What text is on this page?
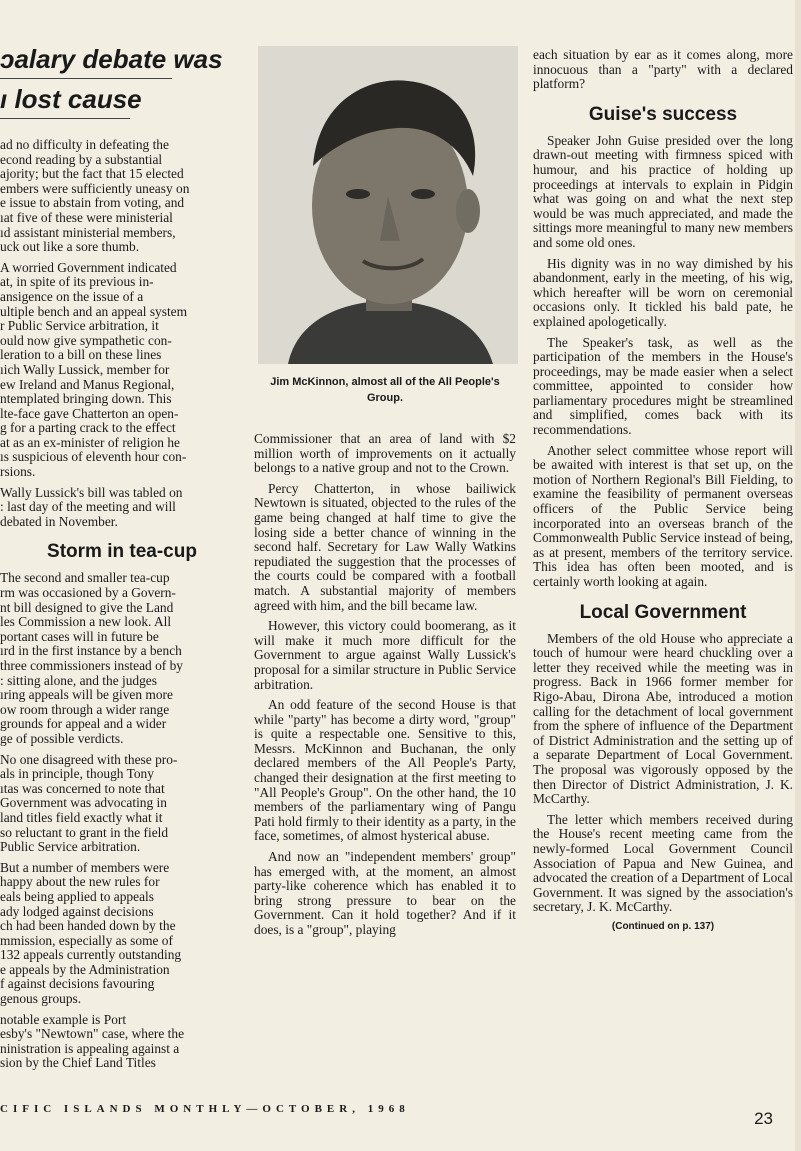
ɔalary debate was
ı lost cause

ad no difficulty in defeating the
econd reading by a substantial
ajority; but the fact that 15 elected
embers were sufficiently uneasy on
e issue to abstain from voting, and
ıat five of these were ministerial
ıd assistant ministerial members,
uck out like a sore thumb.

A worried Government indicated
at, in spite of its previous in-
ansigence on the issue of a
ultiple bench and an appeal system
r Public Service arbitration, it
ould now give sympathetic con-
leration to a bill on these lines
ıich Wally Lussick, member for
ew Ireland and Manus Regional,
ntemplated bringing down. This
lte-face gave Chatterton an open-
g for a parting crack to the effect
at as an ex-minister of religion he
ıs suspicious of eleventh hour con-
rsions.

Wally Lussick's bill was tabled on
: last day of the meeting and will
debated in November.

Storm in tea-cup

The second and smaller tea-cup
rm was occasioned by a Govern-
nt bill designed to give the Land
les Commission a new look. All
portant cases will in future be
ırd in the first instance by a bench
three commissioners instead of by
: sitting alone, and the judges
ıring appeals will be given more
ow room through a wider range
grounds for appeal and a wider
ge of possible verdicts.

No one disagreed with these pro-
als in principle, though Tony
ıtas was concerned to note that
Government was advocating in
land titles field exactly what it
so reluctant to grant in the field
Public Service arbitration.

But a number of members were
happy about the new rules for
eals being applied to appeals
ady lodged against decisions
ch had been handed down by the
mmission, especially as some of
132 appeals currently outstanding
e appeals by the Administration
f against decisions favouring
genous groups.

notable example is Port
esby's "Newtown" case, where the
ninistration is appealing against a
sion by the Chief Land Titles

Jim McKinnon, almost all of the All People's Group.

Commissioner that an area of land with $2 million worth of improvements on it actually belongs to a native group and not to the Crown.

Percy Chatterton, in whose bailiwick Newtown is situated, objected to the rules of the game being changed at half time to give the losing side a better chance of winning in the second half. Secretary for Law Wally Watkins repudiated the suggestion that the processes of the courts could be compared with a football match. A substantial majority of members agreed with him, and the bill became law.

However, this victory could boomerang, as it will make it much more difficult for the Government to argue against Wally Lussick's proposal for a similar structure in Public Service arbitration.

An odd feature of the second House is that while "party" has become a dirty word, "group" is quite a respectable one. Sensitive to this, Messrs. McKinnon and Buchanan, the only declared members of the All People's Party, changed their designation at the first meeting to "All People's Group". On the other hand, the 10 members of the parliamentary wing of Pangu Pati hold firmly to their identity as a party, in the face, sometimes, of almost hysterical abuse.

And now an "independent members' group" has emerged with, at the moment, an almost party-like coherence which has enabled it to bring strong pressure to bear on the Government. Can it hold together? And if it does, is a "group", playing

each situation by ear as it comes along, more innocuous than a "party" with a declared platform?

Guise's success

Speaker John Guise presided over the long drawn-out meeting with firmness spiced with humour, and his practice of holding up proceedings at intervals to explain in Pidgin what was going on and what the next step would be was much appreciated, and made the sittings more meaningful to many new members and some old ones.

His dignity was in no way dimished by his abandonment, early in the meeting, of his wig, which hereafter will be worn on ceremonial occasions only. It tickled his bald pate, he explained apologetically.

The Speaker's task, as well as the participation of the members in the House's proceedings, may be made easier when a select committee, appointed to consider how parliamentary procedures might be streamlined and simplified, comes back with its recommendations.

Another select committee whose report will be awaited with interest is that set up, on the motion of Northern Regional's Bill Fielding, to examine the feasibility of permanent overseas officers of the Public Service being incorporated into an overseas branch of the Commonwealth Public Service instead of being, as at present, members of the territory service. This idea has often been mooted, and is certainly worth looking at again.

Local Government

Members of the old House who appreciate a touch of humour were heard chuckling over a letter they received while the meeting was in progress. Back in 1966 former member for Rigo-Abau, Dirona Abe, introduced a motion calling for the detachment of local government from the sphere of influence of the Department of District Administration and the setting up of a separate Department of Local Government. The proposal was vigorously opposed by the then Director of District Administration, J. K. McCarthy.

The letter which members received during the House's recent meeting came from the newly-formed Local Government Council Association of Papua and New Guinea, and advocated the creation of a Department of Local Government. It was signed by the association's secretary, J. K. McCarthy.

(Continued on p. 137)
CIFIC ISLANDS MONTHLY—OCTOBER, 1968	23
